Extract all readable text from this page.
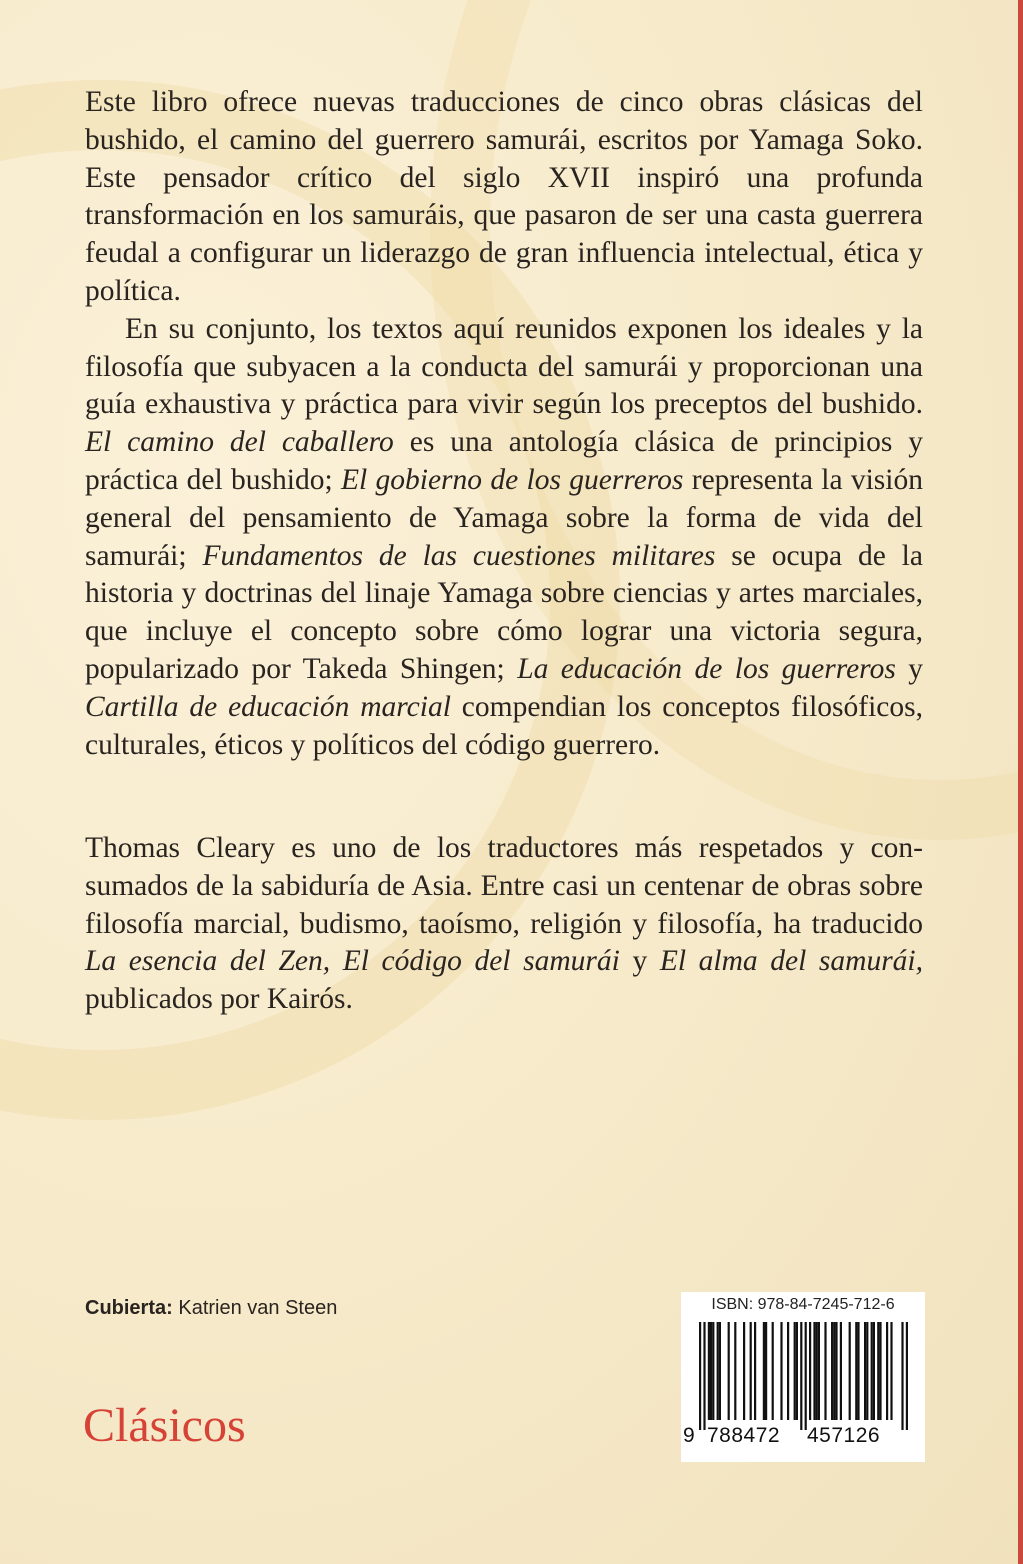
Este libro ofrece nuevas traducciones de cinco obras clásicas del bushido, el camino del guerrero samurái, escritos por Yamaga Soko. Este pensador crítico del siglo XVII inspiró una profunda transformación en los samuráis, que pasaron de ser una casta guerrera feudal a configurar un liderazgo de gran influencia intelectual, ética y política.

En su conjunto, los textos aquí reunidos exponen los ideales y la filosofía que subyacen a la conducta del samurái y proporcionan una guía exhaustiva y práctica para vivir según los preceptos del bushido. El camino del caballero es una antología clásica de principios y práctica del bushido; El gobierno de los guerreros representa la visión general del pensamiento de Yamaga sobre la forma de vida del samurái; Fundamentos de las cuestiones militares se ocupa de la historia y doctrinas del linaje Yamaga sobre ciencias y artes marciales, que incluye el concepto sobre cómo lograr una victoria segura, popularizado por Takeda Shingen; La educación de los guerreros y Cartilla de educación marcial compendian los conceptos filosóficos, culturales, éticos y políticos del código guerrero.

Thomas Cleary es uno de los traductores más respetados y consumados de la sabiduría de Asia. Entre casi un centenar de obras sobre filosofía marcial, budismo, taoísmo, religión y filosofía, ha traducido La esencia del Zen, El código del samurái y El alma del samurái, publicados por Kairós.

Cubierta: Katrien van Steen
Clásicos
ISBN: 978-84-7245-712-6
9 788472 457126
